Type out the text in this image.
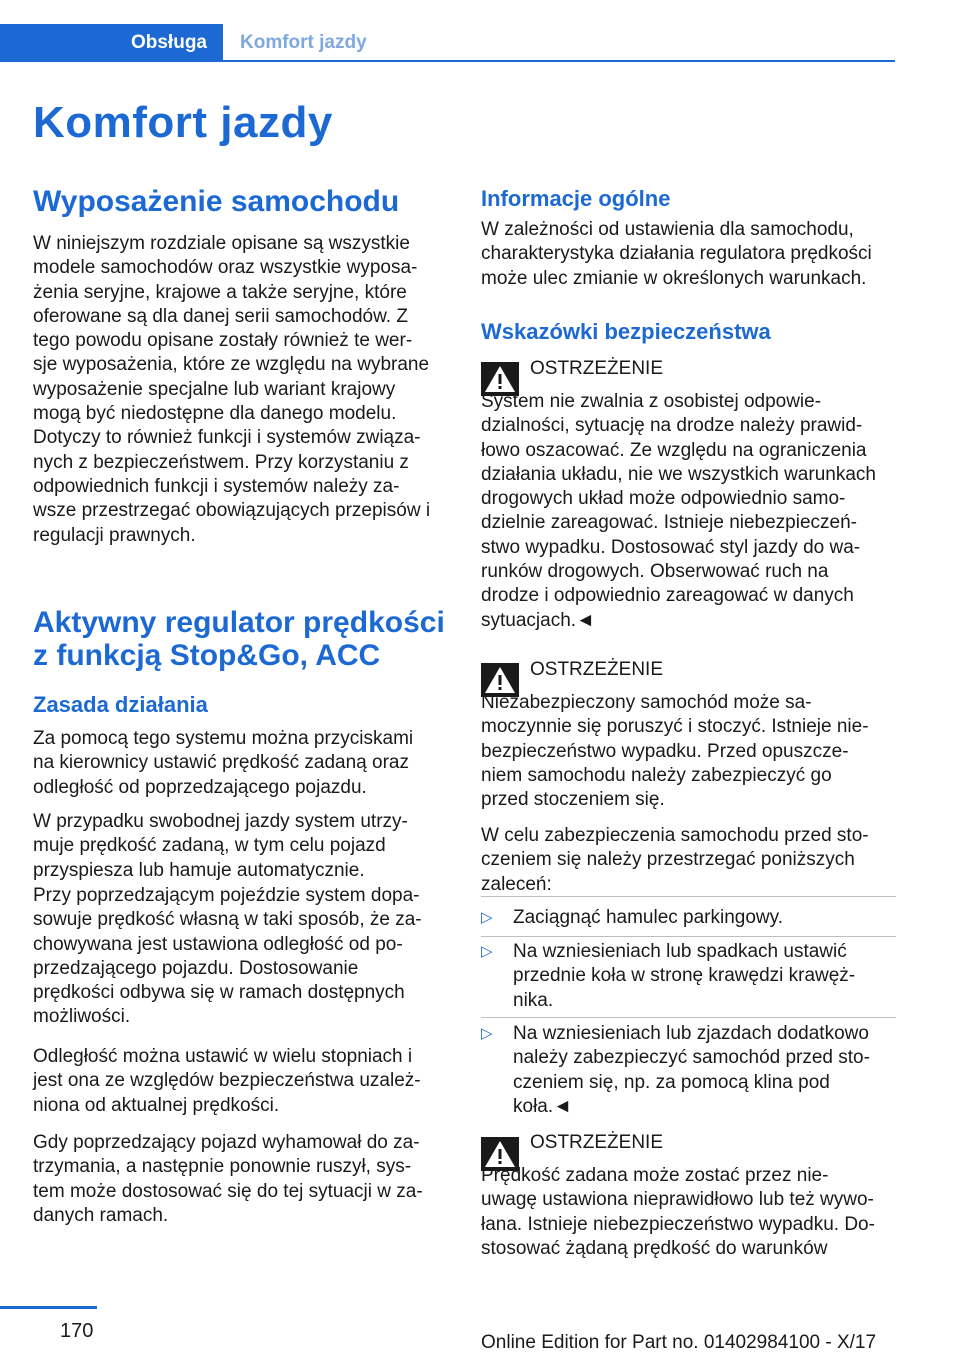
Obsługa	Komfort jazdy
Komfort jazdy
Wyposażenie samochodu
W niniejszym rozdziale opisane są wszystkie
modele samochodów oraz wszystkie wyposa‐
żenia seryjne, krajowe a także seryjne, które
oferowane są dla danej serii samochodów. Z
tego powodu opisane zostały również te wer‐
sje wyposażenia, które ze względu na wybrane
wyposażenie specjalne lub wariant krajowy
mogą być niedostępne dla danego modelu.
Dotyczy to również funkcji i systemów związa‐
nych z bezpieczeństwem. Przy korzystaniu z
odpowiednich funkcji i systemów należy za‐
wsze przestrzegać obowiązujących przepisów i
regulacji prawnych.
Aktywny regulator prędkości
z funkcją Stop&Go, ACC
Zasada działania
Za pomocą tego systemu można przyciskami
na kierownicy ustawić prędkość zadaną oraz
odległość od poprzedzającego pojazdu.
W przypadku swobodnej jazdy system utrzy‐
muje prędkość zadaną, w tym celu pojazd
przyspiesza lub hamuje automatycznie.
Przy poprzedzającym pojeździe system dopa‐
sowuje prędkość własną w taki sposób, że za‐
chowywana jest ustawiona odległość od po‐
przedzającego pojazdu. Dostosowanie
prędkości odbywa się w ramach dostępnych
możliwości.
Odległość można ustawić w wielu stopniach i
jest ona ze względów bezpieczeństwa uzależ‐
niona od aktualnej prędkości.
Gdy poprzedzający pojazd wyhamował do za‐
trzymania, a następnie ponownie ruszył, sys‐
tem może dostosować się do tej sytuacji w za‐
danych ramach.
Informacje ogólne
W zależności od ustawienia dla samochodu,
charakterystyka działania regulatora prędkości
może ulec zmianie w określonych warunkach.
Wskazówki bezpieczeństwa
OSTRZEŻENIE
System nie zwalnia z osobistej odpowie‐
dzialności, sytuację na drodze należy prawid‐
łowo oszacować. Ze względu na ograniczenia
działania układu, nie we wszystkich warunkach
drogowych układ może odpowiednio samo‐
dzielnie zareagować. Istnieje niebezpieczeń‐
stwo wypadku. Dostosować styl jazdy do wa‐
runków drogowych. Obserwować ruch na
drodze i odpowiednio zareagować w danych
sytuacjach.◄
OSTRZEŻENIE
Niezabezpieczony samochód może sa‐
moczynnie się poruszyć i stoczyć. Istnieje nie‐
bezpieczeństwo wypadku. Przed opuszcze‐
niem samochodu należy zabezpieczyć go
przed stoczeniem się.
W celu zabezpieczenia samochodu przed sto‐
czeniem się należy przestrzegać poniższych
zaleceń:
▷ Zaciągnąć hamulec parkingowy.
▷ Na wzniesieniach lub spadkach ustawić
przednie koła w stronę krawędzi krawęż‐
nika.
▷ Na wzniesieniach lub zjazdach dodatkowo
należy zabezpieczyć samochód przed sto‐
czeniem się, np. za pomocą klina pod
koła.◄
OSTRZEŻENIE
Prędkość zadana może zostać przez nie‐
uwagę ustawiona nieprawidłowo lub też wywo‐
łana. Istnieje niebezpieczeństwo wypadku. Do‐
stosować żądaną prędkość do warunków
170
Online Edition for Part no. 01402984100 - X/17
